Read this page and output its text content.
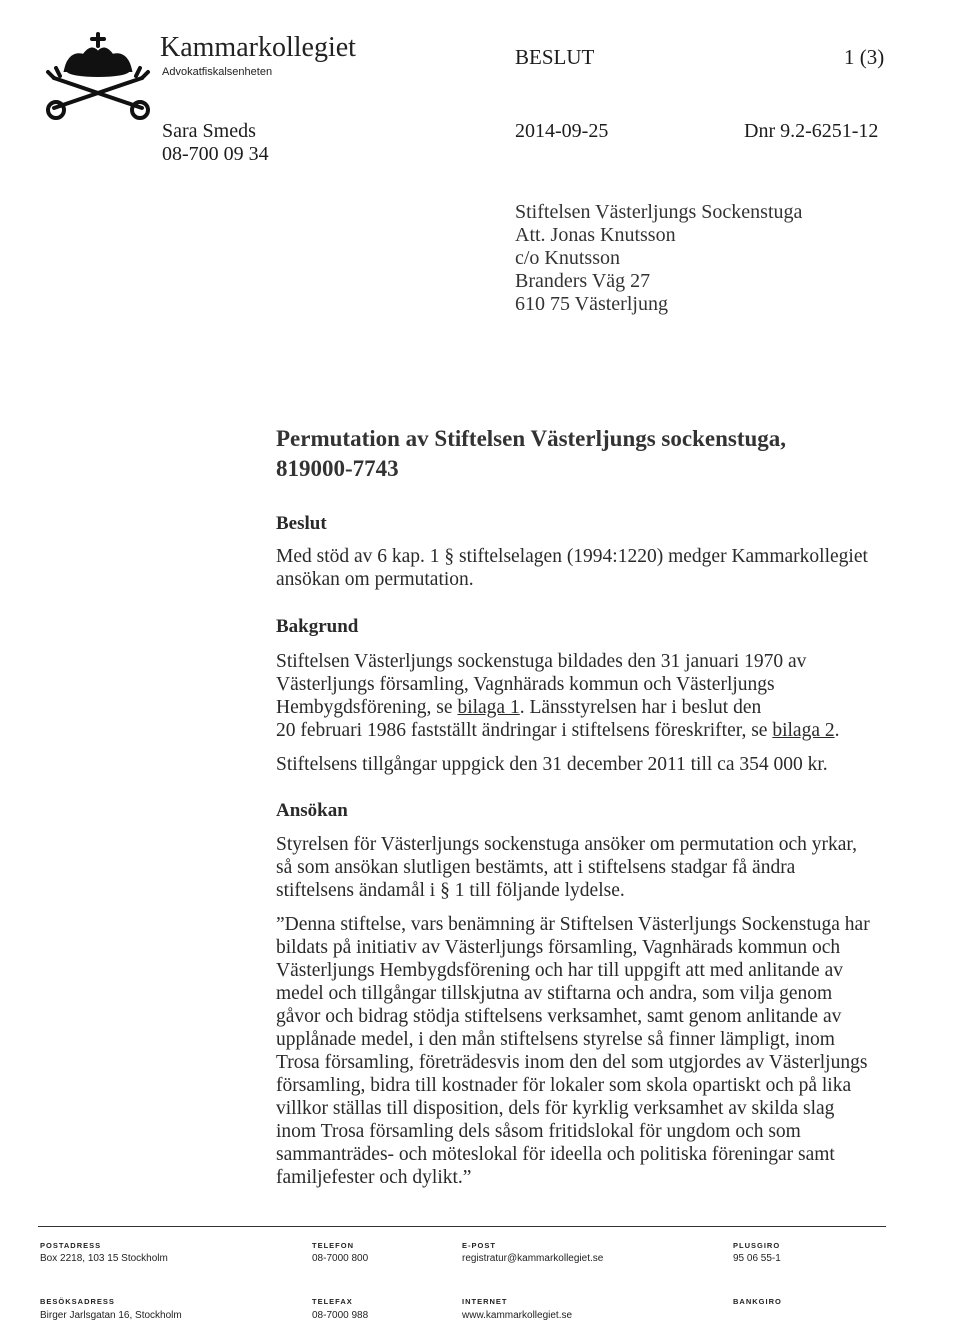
Kammarkollegiet
Advokatfiskalsenheten
BESLUT	1 (3)
Sara Smeds
08-700 09 34
2014-09-25	Dnr 9.2-6251-12
Stiftelsen Västerljungs Sockenstuga
Att. Jonas Knutsson
c/o Knutsson
Branders Väg 27
610 75 Västerljung
Permutation av Stiftelsen Västerljungs sockenstuga,
819000-7743
Beslut
Med stöd av 6 kap. 1 § stiftelselagen (1994:1220) medger Kammarkollegiet
ansökan om permutation.
Bakgrund
Stiftelsen Västerljungs sockenstuga bildades den 31 januari 1970 av
Västerljungs församling, Vagnhärads kommun och Västerljungs
Hembygdsförening, se bilaga 1. Länsstyrelsen har i beslut den
20 februari 1986 fastställt ändringar i stiftelsens föreskrifter, se bilaga 2.
Stiftelsens tillgångar uppgick den 31 december 2011 till ca 354 000 kr.
Ansökan
Styrelsen för Västerljungs sockenstuga ansöker om permutation och yrkar,
så som ansökan slutligen bestämts, att i stiftelsens stadgar få ändra
stiftelsens ändamål i § 1 till följande lydelse.
”Denna stiftelse, vars benämning är Stiftelsen Västerljungs Sockenstuga har
bildats på initiativ av Västerljungs församling, Vagnhärads kommun och
Västerljungs Hembygdsförening och har till uppgift att med anlitande av
medel och tillgångar tillskjutna av stiftarna och andra, som vilja genom
gåvor och bidrag stödja stiftelsens verksamhet, samt genom anlitande av
upplånade medel, i den mån stiftelsens styrelse så finner lämpligt, inom
Trosa församling, företrädesvis inom den del som utgjordes av Västerljungs
församling, bidra till kostnader för lokaler som skola opartiskt och på lika
villkor ställas till disposition, dels för kyrklig verksamhet av skilda slag
inom Trosa församling dels såsom fritidslokal för ungdom och som
sammanträdes- och möteslokal för ideella och politiska föreningar samt
familjefester och dylikt.”
POSTADRESS
Box 2218, 103 15 Stockholm
TELEFON
08-7000 800
E-POST
registratur@kammarkollegiet.se
PLUSGIRO
95 06 55-1
BESÖKSADRESS
Birger Jarlsgatan 16, Stockholm
TELEFAX
08-7000 988
INTERNET
www.kammarkollegiet.se
BANKGIRO
